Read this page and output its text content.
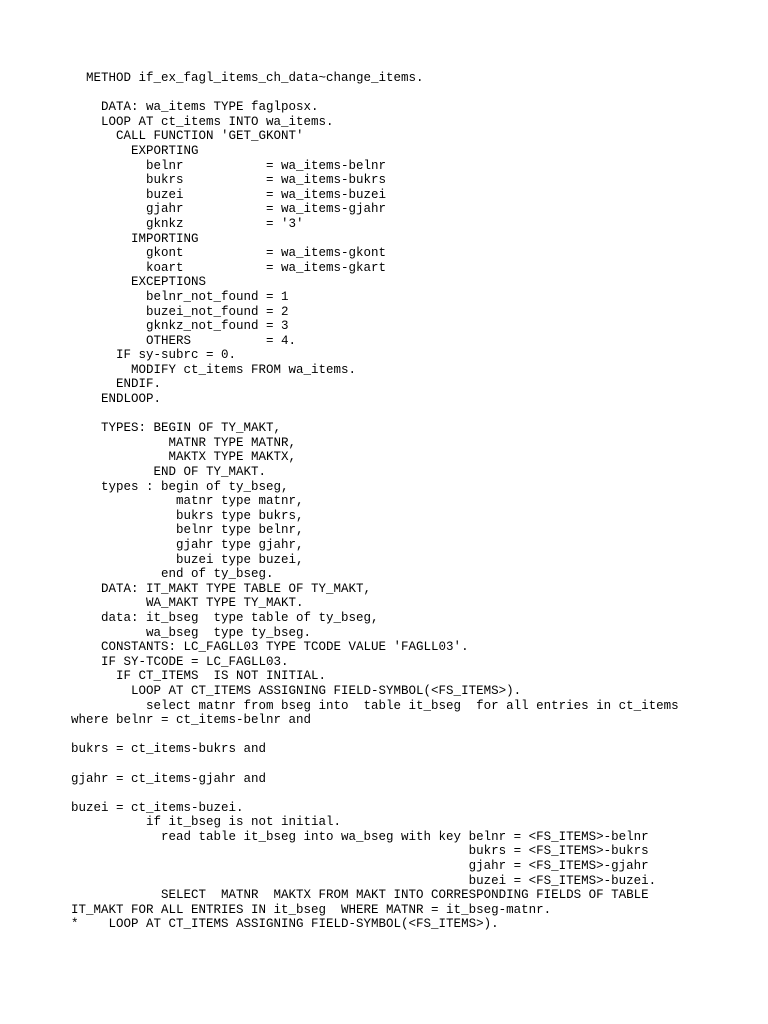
METHOD if_ex_fagl_items_ch_data~change_items.
DATA: wa_items TYPE faglposx.
LOOP AT ct_items INTO wa_items.
CALL FUNCTION 'GET_GKONT'
EXPORTING
belnr           = wa_items-belnr
bukrs           = wa_items-bukrs
buzei           = wa_items-buzei
gjahr           = wa_items-gjahr
gknkz           = '3'
IMPORTING
gkont           = wa_items-gkont
koart           = wa_items-gkart
EXCEPTIONS
belnr_not_found = 1
buzei_not_found = 2
gknkz_not_found = 3
OTHERS          = 4.
IF sy-subrc = 0.
MODIFY ct_items FROM wa_items.
ENDIF.
ENDLOOP.
TYPES: BEGIN OF TY_MAKT,
MATNR TYPE MATNR,
MAKTX TYPE MAKTX,
END OF TY_MAKT.
types : begin of ty_bseg,
matnr type matnr,
bukrs type bukrs,
belnr type belnr,
gjahr type gjahr,
buzei type buzei,
end of ty_bseg.
DATA: IT_MAKT TYPE TABLE OF TY_MAKT,
WA_MAKT TYPE TY_MAKT.
data: it_bseg  type table of ty_bseg,
wa_bseg  type ty_bseg.
CONSTANTS: LC_FAGLL03 TYPE TCODE VALUE 'FAGLL03'.
IF SY-TCODE = LC_FAGLL03.
IF CT_ITEMS  IS NOT INITIAL.
LOOP AT CT_ITEMS ASSIGNING FIELD-SYMBOL(<FS_ITEMS>).
select matnr from bseg into  table it_bseg  for all entries in ct_items
where belnr = ct_items-belnr and
bukrs = ct_items-bukrs and
gjahr = ct_items-gjahr and
buzei = ct_items-buzei.
if it_bseg is not initial.
read table it_bseg into wa_bseg with key belnr = <FS_ITEMS>-belnr
bukrs = <FS_ITEMS>-bukrs
gjahr = <FS_ITEMS>-gjahr
buzei = <FS_ITEMS>-buzei.
SELECT  MATNR  MAKTX FROM MAKT INTO CORRESPONDING FIELDS OF TABLE
IT_MAKT FOR ALL ENTRIES IN it_bseg  WHERE MATNR = it_bseg-matnr.
*    LOOP AT CT_ITEMS ASSIGNING FIELD-SYMBOL(<FS_ITEMS>).
